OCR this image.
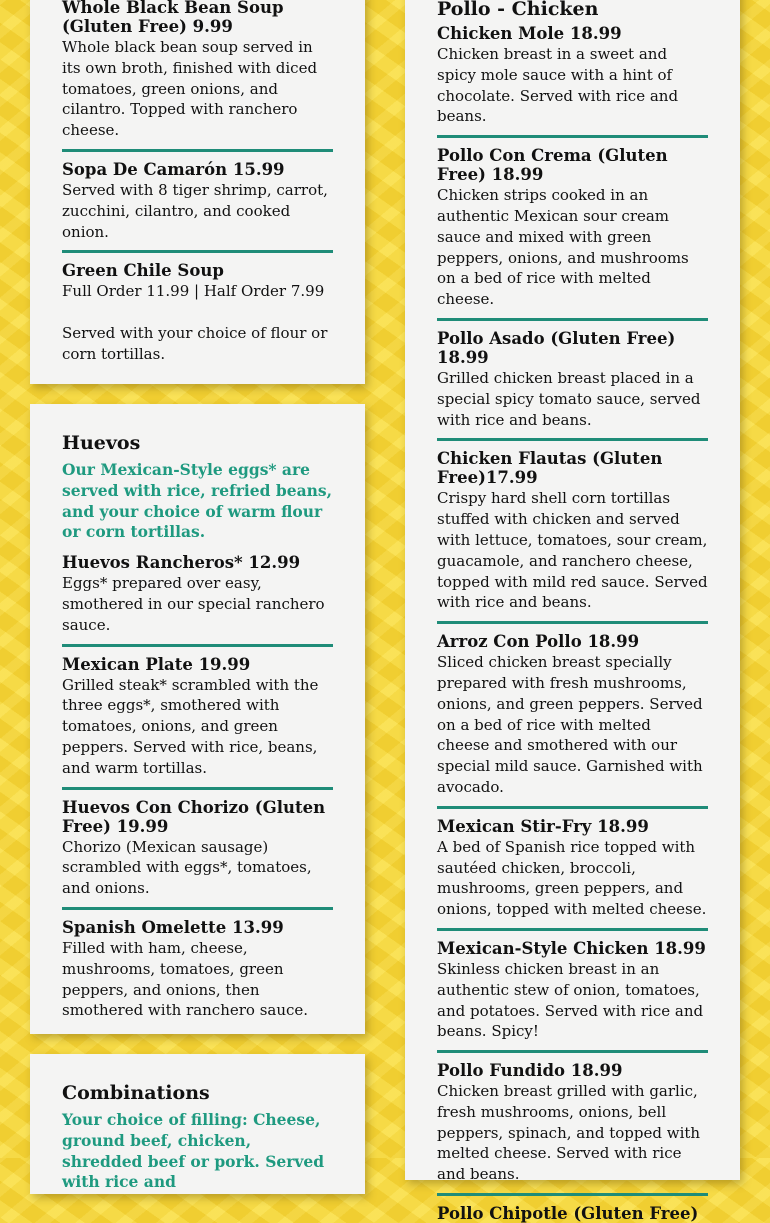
Whole Black Bean Soup (Gluten Free) 9.99

Whole black bean soup served in its own broth, finished with diced tomatoes, green onions, and cilantro. Topped with ranchero cheese.

Sopa De Camarón 15.99

Served with 8 tiger shrimp, carrot, zucchini, cilantro, and cooked onion.

Green Chile Soup

Full Order 11.99 | Half Order 7.99

Served with your choice of flour or corn tortillas.

Huevos

Our Mexican-Style eggs* are served with rice, refried beans, and your choice of warm flour or corn tortillas.

Huevos Rancheros* 12.99

Eggs* prepared over easy, smothered in our special ranchero sauce.

Mexican Plate 19.99

Grilled steak* scrambled with the three eggs*, smothered with tomatoes, onions, and green peppers. Served with rice, beans, and warm tortillas.

Huevos Con Chorizo (Gluten Free) 19.99

Chorizo (Mexican sausage) scrambled with eggs*, tomatoes, and onions.

Spanish Omelette 13.99

Filled with ham, cheese, mushrooms, tomatoes, green peppers, and onions, then smothered with ranchero sauce.

Combinations

Your choice of filling: Cheese, ground beef, chicken, shredded beef or pork. Served with rice and

Pollo - Chicken

Chicken Mole 18.99

Chicken breast in a sweet and spicy mole sauce with a hint of chocolate. Served with rice and beans.

Pollo Con Crema (Gluten Free) 18.99

Chicken strips cooked in an authentic Mexican sour cream sauce and mixed with green peppers, onions, and mushrooms on a bed of rice with melted cheese.

Pollo Asado (Gluten Free) 18.99

Grilled chicken breast placed in a special spicy tomato sauce, served with rice and beans.

Chicken Flautas (Gluten Free)17.99

Crispy hard shell corn tortillas stuffed with chicken and served with lettuce, tomatoes, sour cream, guacamole, and ranchero cheese, topped with mild red sauce. Served with rice and beans.

Arroz Con Pollo 18.99

Sliced chicken breast specially prepared with fresh mushrooms, onions, and green peppers. Served on a bed of rice with melted cheese and smothered with our special mild sauce. Garnished with avocado.

Mexican Stir-Fry 18.99

A bed of Spanish rice topped with sautéed chicken, broccoli, mushrooms, green peppers, and onions, topped with melted cheese.

Mexican-Style Chicken 18.99

Skinless chicken breast in an authentic stew of onion, tomatoes, and potatoes. Served with rice and beans. Spicy!

Pollo Fundido 18.99

Chicken breast grilled with garlic, fresh mushrooms, onions, bell peppers, spinach, and topped with melted cheese. Served with rice and beans.

Pollo Chipotle (Gluten Free)
